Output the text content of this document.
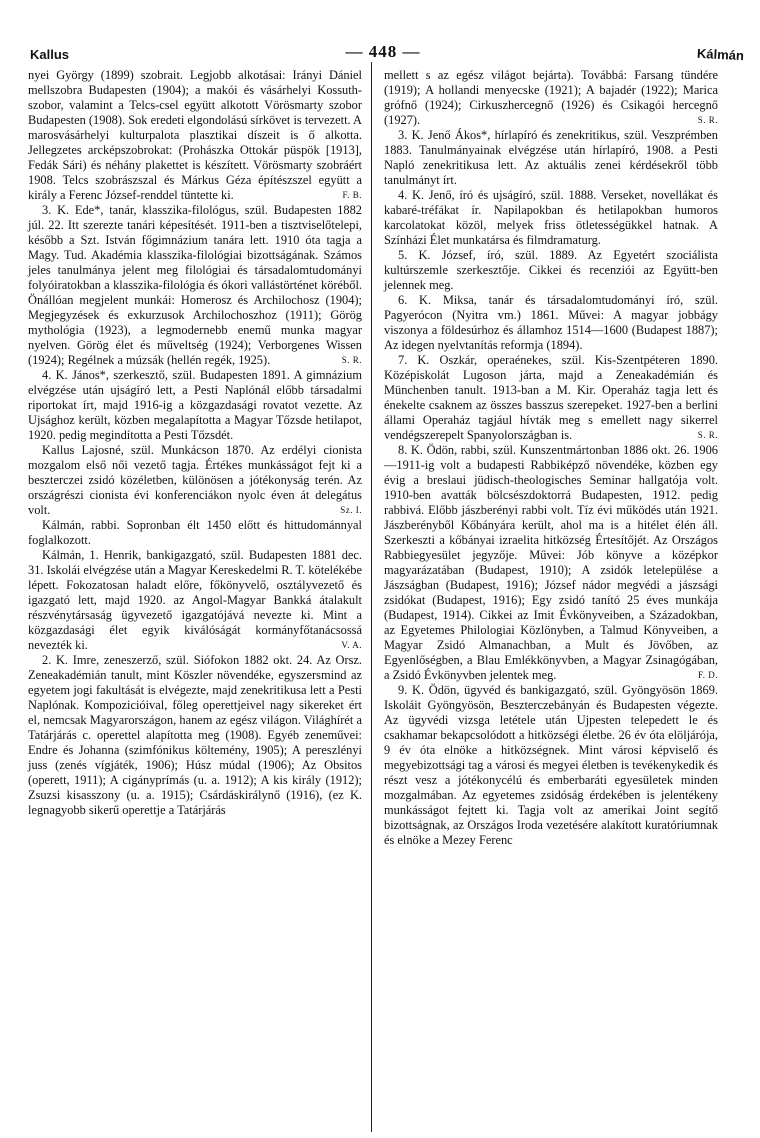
Kallus	— 448 —	Kálmán

nyei György (1899) szobrait. Legjobb alkotásai: Irányi Dániel mellszobra Budapesten (1904); a makói és vásárhelyi Kossuth-szobor, valamint a Telcs-csel együtt alkotott Vörösmarty szobor Budapesten (1908). Sok eredeti elgondolású sírkövet is tervezett. A marosvásárhelyi kulturpalota plasztikai díszeit is ő alkotta. Jellegzetes arcképszobrokat: (Prohászka Ottokár püspök [1913], Fedák Sári) és néhány plakettet is készített. Vörösmarty szobráért 1908. Telcs szobrászszal és Márkus Géza építészszel együtt a király a Ferenc József-renddel tüntette ki.	F. B.

3. K. Ede*, tanár, klasszika-filológus, szül. Budapesten 1882 júl. 22. Itt szerezte tanári képesítését. 1911-ben a tisztviselőtelepi, később a Szt. István főgimnázium tanára lett. 1910 óta tagja a Magy. Tud. Akadémia klasszika-filológiai bizottságának. Számos jeles tanulmánya jelent meg filológiai és társadalomtudományi folyóiratokban a klasszika-filológia és ókori vallástörténet köréből. Önállóan megjelent munkái: Homerosz és Archilochosz (1904); Megjegyzések és exkurzusok Archilochoszhoz (1911); Görög mythológia (1923), a legmodernebb enemű munka magyar nyelven. Görög élet és műveltség (1924); Verborgenes Wissen (1924); Regélnek a múzsák (hellén regék, 1925).	S. R.

4. K. János*, szerkesztő, szül. Budapesten 1891. A gimnázium elvégzése után ujságíró lett, a Pesti Naplónál előbb társadalmi riportokat írt, majd 1916-ig a közgazdasági rovatot vezette. Az Ujsághoz került, közben megalapította a Magyar Tőzsde hetilapot, 1920. pedig megindította a Pesti Tőzsdét.

Kallus Lajosné, szül. Munkácson 1870. Az erdélyi cionista mozgalom első női vezető tagja. Értékes munkásságot fejt ki a beszterczei zsidó közéletben, különösen a jótékonyság terén. Az országrészi cionista évi konferenciákon nyolc éven át delegátus volt.	Sz. I.

Kálmán, rabbi. Sopronban élt 1450 előtt és hittudománnyal foglalkozott.

Kálmán, 1. Henrik, bankigazgató, szül. Budapesten 1881 dec. 31. Iskolái elvégzése után a Magyar Kereskedelmi R. T. kötelékébe lépett. Fokozatosan haladt előre, főkönyvelő, osztályvezető és igazgató lett, majd 1920. az Angol-Magyar Bankká átalakult részvénytársaság ügyvezető igazgatójává nevezte ki. Mint a közgazdasági élet egyik kiválóságát kormányfőtanácsossá nevezték ki.	V. A.

2. K. Imre, zeneszerző, szül. Siófokon 1882 okt. 24. Az Orsz. Zeneakadémián tanult, mint Köszler növendéke, egyszersmind az egyetem jogi fakultását is elvégezte, majd zenekritikusa lett a Pesti Naplónak. Kompozicióival, főleg operettjeivel nagy sikereket ért el, nemcsak Magyarországon, hanem az egész világon. Világhírét a Tatárjárás c. operettel alapította meg (1908). Egyéb zeneművei: Endre és Johanna (szimfónikus költemény, 1905); A pereszlényi juss (zenés vígjáték, 1906); Húsz múdal (1906); Az Obsitos (operett, 1911); A cigányprímás (u. a. 1912); A kis király (1912); Zsuzsi kisasszony (u. a. 1915); Csárdáskirálynő (1916), (ez K. legnagyobb sikerű operettje a Tatárjárás

mellett s az egész világot bejárta). Továbbá: Farsang tündére (1919); A hollandi menyecske (1921); A bajadér (1922); Marica grófnő (1924); Cirkuszhercegnő (1926) és Csikagói hercegnő (1927).	S. R.

3. K. Jenő Ákos*, hírlapíró és zenekritikus, szül. Veszprémben 1883. Tanulmányainak elvégzése után hírlapíró, 1908. a Pesti Napló zenekritikusa lett. Az aktuális zenei kérdésekről több tanulmányt írt.

4. K. Jenő, író és ujságíró, szül. 1888. Verseket, novellákat és kabaré-tréfákat ír. Napilapokban és hetilapokban humoros karcolatokat közöl, melyek friss ötletességükkel hatnak. A Színházi Élet munkatársa és filmdramaturg.

5. K. József, író, szül. 1889. Az Egyetért szociálista kultúrszemle szerkesztője. Cikkei és recenziói az Együtt-ben jelennek meg.

6. K. Miksa, tanár és társadalomtudományi író, szül. Pagyerócon (Nyitra vm.) 1861. Művei: A magyar jobbágy viszonya a földesúrhoz és államhoz 1514—1600 (Budapest 1887); Az idegen nyelvtanítás reformja (1894).

7. K. Oszkár, operaénekes, szül. Kis-Szentpéteren 1890. Középiskolát Lugoson járta, majd a Zeneakadémián és Münchenben tanult. 1913-ban a M. Kir. Operaház tagja lett és énekelte csaknem az összes basszus szerepeket. 1927-ben a berlini állami Operaház tagjául hívták meg s emellett nagy sikerrel vendégszerepelt Spanyolországban is.	S. R.

8. K. Ödön, rabbi, szül. Kunszentmártonban 1886 okt. 26. 1906—1911-ig volt a budapesti Rabbiképző növendéke, közben egy évig a breslaui jüdisch-theologisches Seminar hallgatója volt. 1910-ben avatták bölcsészdoktorrá Budapesten, 1912. pedig rabbivá. Előbb jászberényi rabbi volt. Tíz évi működés után 1921. Jászberényből Kőbányára került, ahol ma is a hitélet élén áll. Szerkeszti a kőbányai izraelita hitközség Értesítőjét. Az Országos Rabbiegyesület jegyzője. Művei: Jób könyve a középkor magyarázatában (Budapest, 1910); A zsidók letelepülése a Jászságban (Budapest, 1916); József nádor megvédi a jászsági zsidókat (Budapest, 1916); Egy zsidó tanító 25 éves munkája (Budapest, 1914). Cikkei az Imit Évkönyveiben, a Századokban, az Egyetemes Philologiai Közlönyben, a Talmud Könyveiben, a Magyar Zsidó Almanachban, a Mult és Jövőben, az Egyenlőségben, a Blau Emlékkönyvben, a Magyar Zsinagógában, a Zsidó Évkönyvben jelentek meg.	F. D.

9. K. Ödön, ügyvéd és bankigazgató, szül. Gyöngyösön 1869. Iskoláit Gyöngyösön, Beszterczebányán és Budapesten végezte. Az ügyvédi vizsga letétele után Ujpesten telepedett le és csakhamar bekapcsolódott a hitközségi életbe. 26 év óta elöljárója, 9 év óta elnöke a hitközségnek. Mint városi képviselő és megyebizottsági tag a városi és megyei életben is tevékenykedik és részt vesz a jótékonycélú és emberbaráti egyesületek minden mozgalmában. Az egyetemes zsidóság érdekében is jelentékeny munkásságot fejtett ki. Tagja volt az amerikai Joint segítő bizottságnak, az Országos Iroda vezetésére alakított kuratóriumnak és elnöke a Mezey Ferenc
